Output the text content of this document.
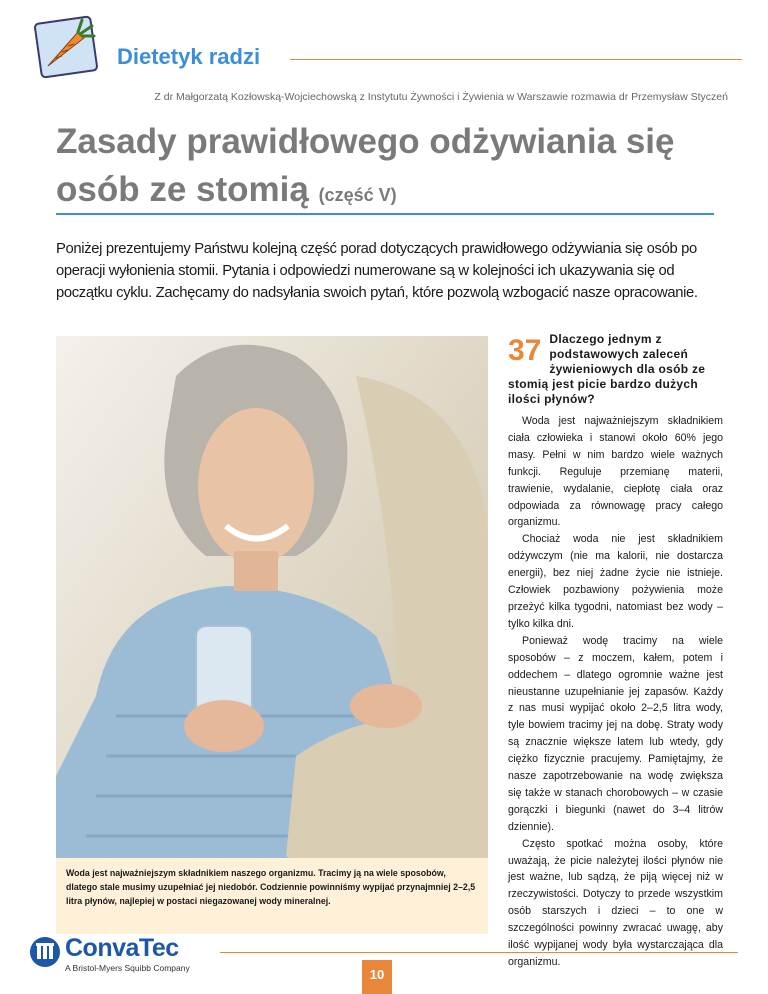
Dietetyk radzi
Z dr Małgorzatą Kozłowską-Wojciechowską z Instytutu Żywności i Żywienia w Warszawie rozmawia dr Przemysław Styczeń
Zasady prawidłowego odżywiania się osób ze stomią (część V)

Poniżej prezentujemy Państwu kolejną część porad dotyczących prawidłowego odżywiania się osób po operacji wyłonienia stomii. Pytania i odpowiedzi numerowane są w kolejności ich ukazywania się od początku cyklu. Zachęcamy do nadsyłania swoich pytań, które pozwolą wzbogacić nasze opracowanie.

Woda jest najważniejszym składnikiem naszego organizmu. Tracimy ją na wiele sposobów, dlatego stale musimy uzupełniać jej niedobór. Codziennie powinniśmy wypijać przynajmniej 2–2,5 litra płynów, najlepiej w postaci niegazowanej wody mineralnej.
37 Dlaczego jednym z podstawowych zaleceń żywieniowych dla osób ze stomią jest picie bardzo dużych ilości płynów?

Woda jest najważniejszym składnikiem ciała człowieka i stanowi około 60% jego masy. Pełni w nim bardzo wiele ważnych funkcji. Reguluje przemianę materii, trawienie, wydalanie, ciepłotę ciała oraz odpowiada za równowagę pracy całego organizmu.

Chociaż woda nie jest składnikiem odżywczym (nie ma kalorii, nie dostarcza energii), bez niej żadne życie nie istnieje. Człowiek pozbawiony pożywienia może przeżyć kilka tygodni, natomiast bez wody – tylko kilka dni.

Ponieważ wodę tracimy na wiele sposobów – z moczem, kałem, potem i oddechem – dlatego ogromnie ważne jest nieustanne uzupełnianie jej zapasów. Każdy z nas musi wypijać około 2–2,5 litra wody, tyle bowiem tracimy jej na dobę. Straty wody są znacznie większe latem lub wtedy, gdy ciężko fizycznie pracujemy. Pamiętajmy, że nasze zapotrzebowanie na wodę zwiększa się także w stanach chorobowych – w czasie gorączki i biegunki (nawet do 3–4 litrów dziennie).

Często spotkać można osoby, które uważają, że picie należytej ilości płynów nie jest ważne, lub sądzą, że piją więcej niż w rzeczywistości. Dotyczy to przede wszystkim osób starszych i dzieci – to one w szczególności powinny zwracać uwagę, aby ilość wypijanej wody była wystarczająca dla organizmu.

ConvaTec
A Bristol-Myers Squibb Company	10
